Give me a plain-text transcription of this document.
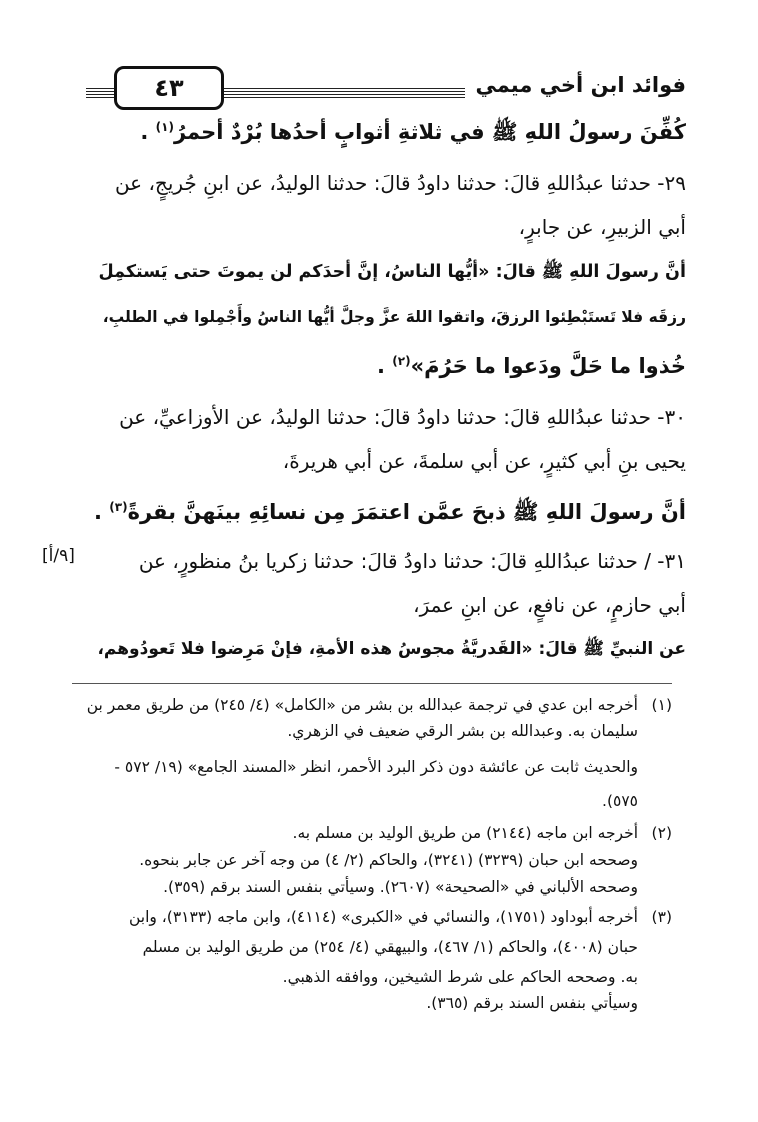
٤٣	فوائد ابن أخي ميمي
كُفِّنَ رسولُ اللهِ ﷺ في ثلاثةِ أثوابٍ أحدُها بُرْدٌ أحمرُ$^{(١)}$ .
٢٩- حدثنا عبدُاللهِ قالَ: حدثنا داودُ قالَ: حدثنا الوليدُ، عن ابنِ جُريجٍ، عن
أبي الزبيرِ، عن جابرٍ،
أنَّ رسولَ اللهِ ﷺ قالَ: «أيُّها الناسُ، إنَّ أحدَكم لن يموتَ حتى يَستكمِلَ
رزقَه فلا تَستَبْطِئوا الرزقَ، واتقوا اللهَ عزَّ وجلَّ أيُّها الناسُ وأَجْمِلوا في الطلبِ،
خُذوا ما حَلَّ ودَعوا ما حَرُمَ»$^{(٢)}$ .
٣٠- حدثنا عبدُاللهِ قالَ: حدثنا داودُ قالَ: حدثنا الوليدُ، عن الأوزاعيِّ، عن
يحيى بنِ أبي كثيرٍ، عن أبي سلمةَ، عن أبي هريرةَ،
أنَّ رسولَ اللهِ ﷺ ذبحَ عمَّن اعتمَرَ مِن نسائِهِ بينَهنَّ بقرةً$^{(٣)}$ .
٣١- / حدثنا عبدُاللهِ قالَ: حدثنا داودُ قالَ: حدثنا زكريا بنُ منظورٍ، عن
أبي حازمٍ، عن نافعٍ، عن ابنِ عمرَ،
عن النبيِّ ﷺ قالَ: «القَدريَّةُ مجوسُ هذه الأمةِ، فإنْ مَرِضوا فلا تَعودُوهم،
[٩/أ]
(١)
أخرجه ابن عدي في ترجمة عبدالله بن بشر من «الكامل» (٤/ ٢٤٥) من طريق معمر بن
سليمان به. وعبدالله بن بشر الرقي ضعيف في الزهري.
والحديث ثابت عن عائشة دون ذكر البرد الأحمر، انظر «المسند الجامع» (١٩/ ٥٧٢ -
٥٧٥).
(٢)
أخرجه ابن ماجه (٢١٤٤) من طريق الوليد بن مسلم به.
وصححه ابن حبان (٣٢٣٩) (٣٢٤١)، والحاكم (٢/ ٤) من وجه آخر عن جابر بنحوه.
وصححه الألباني في «الصحيحة» (٢٦٠٧). وسيأتي بنفس السند برقم (٣٥٩).
(٣)
أخرجه أبوداود (١٧٥١)، والنسائي في «الكبرى» (٤١١٤)، وابن ماجه (٣١٣٣)، وابن
حبان (٤٠٠٨)، والحاكم (١/ ٤٦٧)، والبيهقي (٤/ ٢٥٤) من طريق الوليد بن مسلم
به. وصححه الحاكم على شرط الشيخين، ووافقه الذهبي.
وسيأتي بنفس السند برقم (٣٦٥).
